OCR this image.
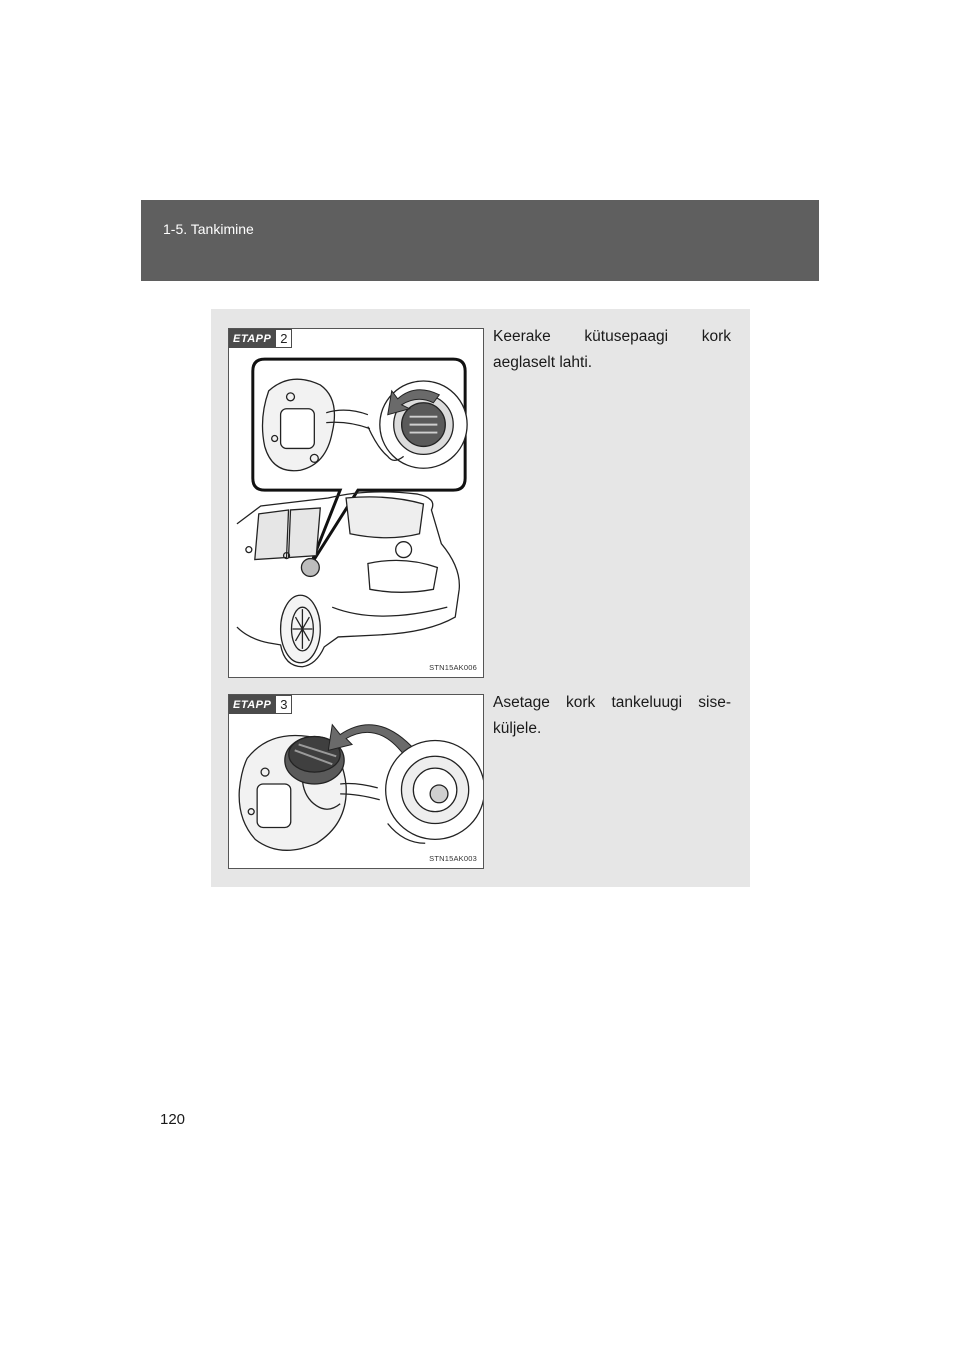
1-5. Tankimine
ETAPP 2
STN15AK006
Keerake kütusepaagi kork aeglaselt lahti.
ETAPP 3
STN15AK003
Asetage kork tankeluugi sise-küljele.
120
